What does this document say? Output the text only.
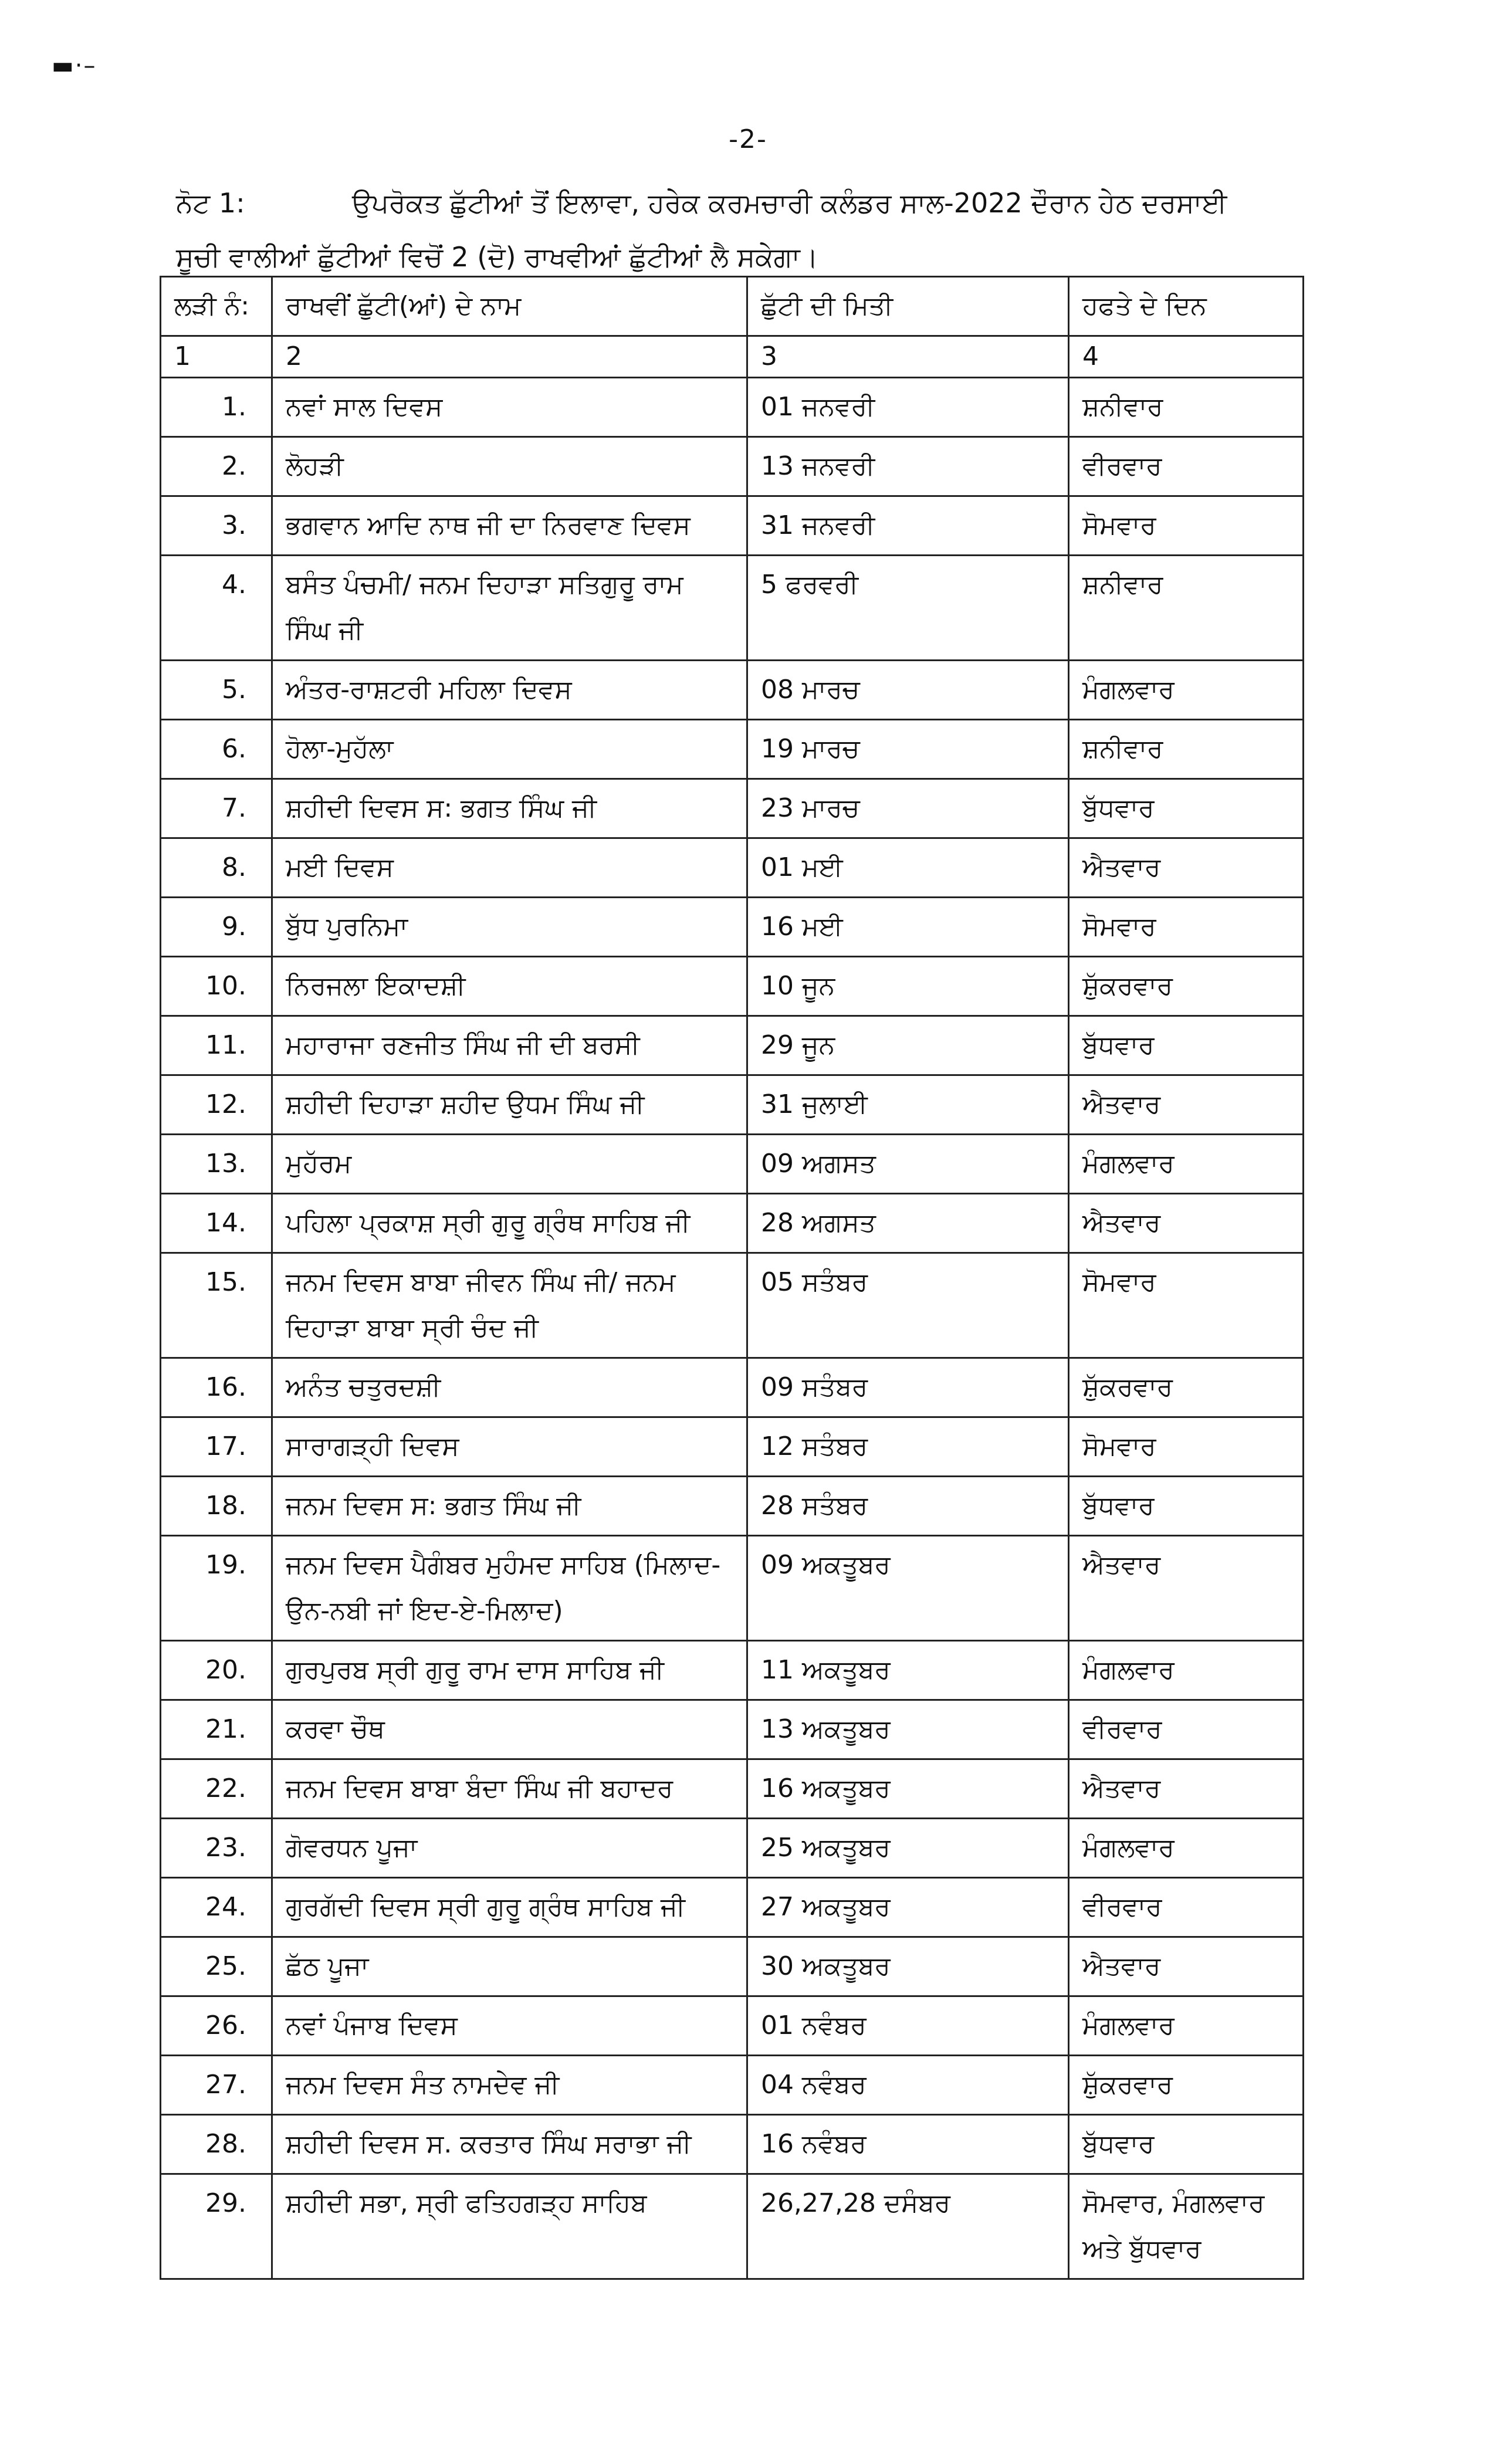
▬·–
-2-
ਨੋਟ 1:	ਉਪਰੋਕਤ ਛੁੱਟੀਆਂ ਤੋਂ ਇਲਾਵਾ, ਹਰੇਕ ਕਰਮਚਾਰੀ ਕਲੰਡਰ ਸਾਲ-2022 ਦੌਰਾਨ ਹੇਠ ਦਰਸਾਈ
ਸੂਚੀ ਵਾਲੀਆਂ ਛੁੱਟੀਆਂ ਵਿਚੋਂ 2 (ਦੋ) ਰਾਖਵੀਆਂ ਛੁੱਟੀਆਂ ਲੈ ਸਕੇਗਾ।
ਲੜੀ ਨੰ:	ਰਾਖਵੀਂ ਛੁੱਟੀ(ਆਂ) ਦੇ ਨਾਮ	ਛੁੱਟੀ ਦੀ ਮਿਤੀ	ਹਫਤੇ ਦੇ ਦਿਨ
1	2	3	4
1.	ਨਵਾਂ ਸਾਲ ਦਿਵਸ	01 ਜਨਵਰੀ	ਸ਼ਨੀਵਾਰ
2.	ਲੋਹੜੀ	13 ਜਨਵਰੀ	ਵੀਰਵਾਰ
3.	ਭਗਵਾਨ ਆਦਿ ਨਾਥ ਜੀ ਦਾ ਨਿਰਵਾਣ ਦਿਵਸ	31 ਜਨਵਰੀ	ਸੋਮਵਾਰ
4.	ਬਸੰਤ ਪੰਚਮੀ/ ਜਨਮ ਦਿਹਾੜਾ ਸਤਿਗੁਰੂ ਰਾਮ ਸਿੰਘ ਜੀ	5 ਫਰਵਰੀ	ਸ਼ਨੀਵਾਰ
5.	ਅੰਤਰ-ਰਾਸ਼ਟਰੀ ਮਹਿਲਾ ਦਿਵਸ	08 ਮਾਰਚ	ਮੰਗਲਵਾਰ
6.	ਹੋਲਾ-ਮੁਹੱਲਾ	19 ਮਾਰਚ	ਸ਼ਨੀਵਾਰ
7.	ਸ਼ਹੀਦੀ ਦਿਵਸ ਸ: ਭਗਤ ਸਿੰਘ ਜੀ	23 ਮਾਰਚ	ਬੁੱਧਵਾਰ
8.	ਮਈ ਦਿਵਸ	01 ਮਈ	ਐਤਵਾਰ
9.	ਬੁੱਧ ਪੁਰਨਿਮਾ	16 ਮਈ	ਸੋਮਵਾਰ
10.	ਨਿਰਜਲਾ ਇਕਾਦਸ਼ੀ	10 ਜੂਨ	ਸ਼ੁੱਕਰਵਾਰ
11.	ਮਹਾਰਾਜਾ ਰਣਜੀਤ ਸਿੰਘ ਜੀ ਦੀ ਬਰਸੀ	29 ਜੂਨ	ਬੁੱਧਵਾਰ
12.	ਸ਼ਹੀਦੀ ਦਿਹਾੜਾ ਸ਼ਹੀਦ ਉਧਮ ਸਿੰਘ ਜੀ	31 ਜੁਲਾਈ	ਐਤਵਾਰ
13.	ਮੁਹੱਰਮ	09 ਅਗਸਤ	ਮੰਗਲਵਾਰ
14.	ਪਹਿਲਾ ਪ੍ਰਕਾਸ਼ ਸ੍ਰੀ ਗੁਰੂ ਗ੍ਰੰਥ ਸਾਹਿਬ ਜੀ	28 ਅਗਸਤ	ਐਤਵਾਰ
15.	ਜਨਮ ਦਿਵਸ ਬਾਬਾ ਜੀਵਨ ਸਿੰਘ ਜੀ/ ਜਨਮ ਦਿਹਾੜਾ ਬਾਬਾ ਸ੍ਰੀ ਚੰਦ ਜੀ	05 ਸਤੰਬਰ	ਸੋਮਵਾਰ
16.	ਅਨੰਤ ਚਤੁਰਦਸ਼ੀ	09 ਸਤੰਬਰ	ਸ਼ੁੱਕਰਵਾਰ
17.	ਸਾਰਾਗੜ੍ਹੀ ਦਿਵਸ	12 ਸਤੰਬਰ	ਸੋਮਵਾਰ
18.	ਜਨਮ ਦਿਵਸ ਸ: ਭਗਤ ਸਿੰਘ ਜੀ	28 ਸਤੰਬਰ	ਬੁੱਧਵਾਰ
19.	ਜਨਮ ਦਿਵਸ ਪੈਗੰਬਰ ਮੁਹੰਮਦ ਸਾਹਿਬ (ਮਿਲਾਦ-ਉਨ-ਨਬੀ ਜਾਂ ਇਦ-ਏ-ਮਿਲਾਦ)	09 ਅਕਤੂਬਰ	ਐਤਵਾਰ
20.	ਗੁਰਪੁਰਬ ਸ੍ਰੀ ਗੁਰੂ ਰਾਮ ਦਾਸ ਸਾਹਿਬ ਜੀ	11 ਅਕਤੂਬਰ	ਮੰਗਲਵਾਰ
21.	ਕਰਵਾ ਚੌਥ	13 ਅਕਤੂਬਰ	ਵੀਰਵਾਰ
22.	ਜਨਮ ਦਿਵਸ ਬਾਬਾ ਬੰਦਾ ਸਿੰਘ ਜੀ ਬਹਾਦਰ	16 ਅਕਤੂਬਰ	ਐਤਵਾਰ
23.	ਗੋਵਰਧਨ ਪੂਜਾ	25 ਅਕਤੂਬਰ	ਮੰਗਲਵਾਰ
24.	ਗੁਰਗੱਦੀ ਦਿਵਸ ਸ੍ਰੀ ਗੁਰੂ ਗ੍ਰੰਥ ਸਾਹਿਬ ਜੀ	27 ਅਕਤੂਬਰ	ਵੀਰਵਾਰ
25.	ਛੱਠ ਪੂਜਾ	30 ਅਕਤੂਬਰ	ਐਤਵਾਰ
26.	ਨਵਾਂ ਪੰਜਾਬ ਦਿਵਸ	01 ਨਵੰਬਰ	ਮੰਗਲਵਾਰ
27.	ਜਨਮ ਦਿਵਸ ਸੰਤ ਨਾਮਦੇਵ ਜੀ	04 ਨਵੰਬਰ	ਸ਼ੁੱਕਰਵਾਰ
28.	ਸ਼ਹੀਦੀ ਦਿਵਸ ਸ. ਕਰਤਾਰ ਸਿੰਘ ਸਰਾਭਾ ਜੀ	16 ਨਵੰਬਰ	ਬੁੱਧਵਾਰ
29.	ਸ਼ਹੀਦੀ ਸਭਾ, ਸ੍ਰੀ ਫਤਿਹਗੜ੍ਹ ਸਾਹਿਬ	26,27,28 ਦਸੰਬਰ	ਸੋਮਵਾਰ, ਮੰਗਲਵਾਰ ਅਤੇ ਬੁੱਧਵਾਰ
